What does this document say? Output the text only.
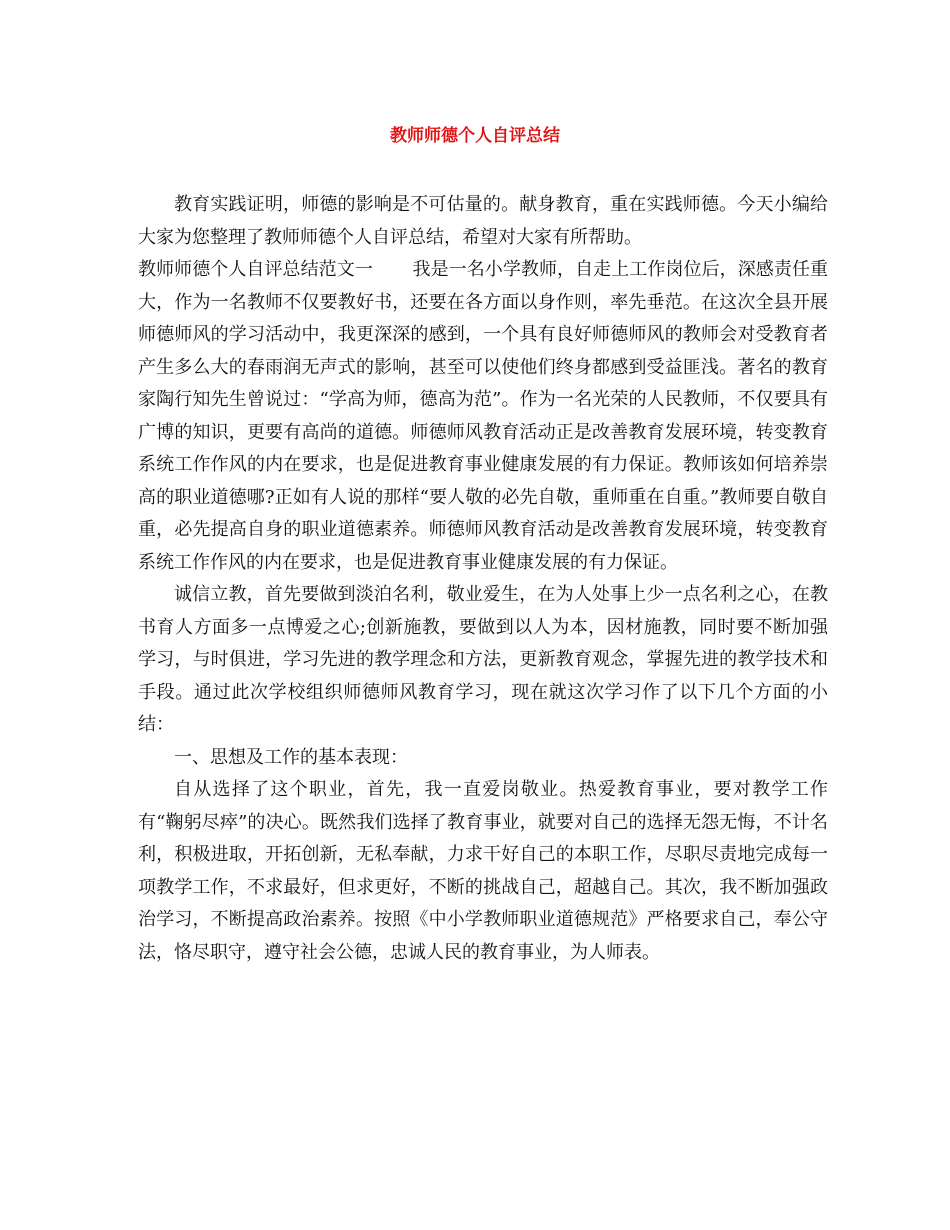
教师师德个人自评总结

教育实践证明，师德的影响是不可估量的。献身教育，重在实践师德。今天小编给大家为您整理了教师师德个人自评总结，希望对大家有所帮助。

教师师德个人自评总结范文一 我是一名小学教师，自走上工作岗位后，深感责任重大，作为一名教师不仅要教好书，还要在各方面以身作则，率先垂范。在这次全县开展师德师风的学习活动中，我更深深的感到，一个具有良好师德师风的教师会对受教育者产生多么大的春雨润无声式的影响，甚至可以使他们终身都感到受益匪浅。著名的教育家陶行知先生曾说过：“学高为师，德高为范”。作为一名光荣的人民教师，不仅要具有广博的知识，更要有高尚的道德。师德师风教育活动正是改善教育发展环境，转变教育系统工作作风的内在要求，也是促进教育事业健康发展的有力保证。教师该如何培养崇高的职业道德哪?正如有人说的那样“要人敬的必先自敬，重师重在自重。”教师要自敬自重，必先提高自身的职业道德素养。师德师风教育活动是改善教育发展环境，转变教育系统工作作风的内在要求，也是促进教育事业健康发展的有力保证。

诚信立教，首先要做到淡泊名利，敬业爱生，在为人处事上少一点名利之心，在教书育人方面多一点博爱之心;创新施教，要做到以人为本，因材施教，同时要不断加强学习，与时俱进，学习先进的教学理念和方法，更新教育观念，掌握先进的教学技术和手段。通过此次学校组织师德师风教育学习，现在就这次学习作了以下几个方面的小结：

一、思想及工作的基本表现：

自从选择了这个职业，首先，我一直爱岗敬业。热爱教育事业，要对教学工作有“鞠躬尽瘁”的决心。既然我们选择了教育事业，就要对自己的选择无怨无悔，不计名利，积极进取，开拓创新，无私奉献，力求干好自己的本职工作，尽职尽责地完成每一项教学工作，不求最好，但求更好，不断的挑战自己，超越自己。其次，我不断加强政治学习，不断提高政治素养。按照《中小学教师职业道德规范》严格要求自己，奉公守法，恪尽职守，遵守社会公德，忠诚人民的教育事业，为人师表。
